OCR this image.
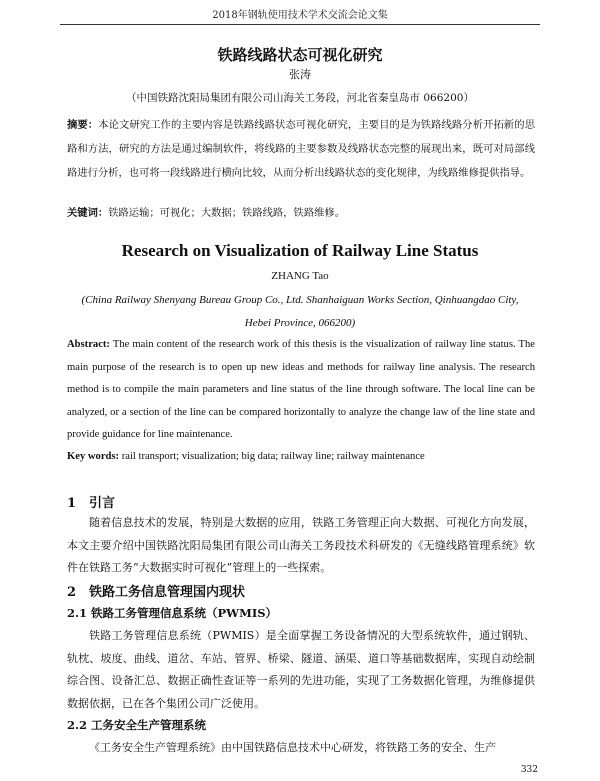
2018年钢轨使用技术学术交流会论文集
铁路线路状态可视化研究
张涛
（中国铁路沈阳局集团有限公司山海关工务段，河北省秦皇岛市 066200）
摘要：本论文研究工作的主要内容是铁路线路状态可视化研究，主要目的是为铁路线路分析开拓新的思路和方法，研究的方法是通过编制软件，将线路的主要参数及线路状态完整的展现出来，既可对局部线路进行分析，也可将一段线路进行横向比较，从而分析出线路状态的变化规律，为线路维修提供指导。
关键词：铁路运输；可视化；大数据；铁路线路，铁路维修。
Research on Visualization of Railway Line Status
ZHANG Tao
(China Railway Shenyang Bureau Group Co., Ltd. Shanhaiguan Works Section, Qinhuangdao City, Hebei Province, 066200)
Abstract: The main content of the research work of this thesis is the visualization of railway line status. The main purpose of the research is to open up new ideas and methods for railway line analysis. The research method is to compile the main parameters and line status of the line through software. The local line can be analyzed, or a section of the line can be compared horizontally to analyze the change law of the line state and provide guidance for line maintenance.
Key words: rail transport; visualization; big data; railway line; railway maintenance
1 引言
随着信息技术的发展，特别是大数据的应用，铁路工务管理正向大数据、可视化方向发展，本文主要介绍中国铁路沈阳局集团有限公司山海关工务段技术科研发的《无缝线路管理系统》软件在铁路工务“大数据实时可视化”管理上的一些探索。
2 铁路工务信息管理国内现状
2.1 铁路工务管理信息系统（PWMIS）
铁路工务管理信息系统（PWMIS）是全面掌握工务设备情况的大型系统软件，通过钢轨、轨枕、坡度、曲线、道岔、车站、管界、桥梁、隧道、涵渠、道口等基础数据库，实现自动绘制综合图、设备汇总、数据正确性查证等一系列的先进功能，实现了工务数据化管理，为维修提供数据依据，已在各个集团公司广泛使用。
2.2 工务安全生产管理系统
《工务安全生产管理系统》由中国铁路信息技术中心研发，将铁路工务的安全、生产
332
